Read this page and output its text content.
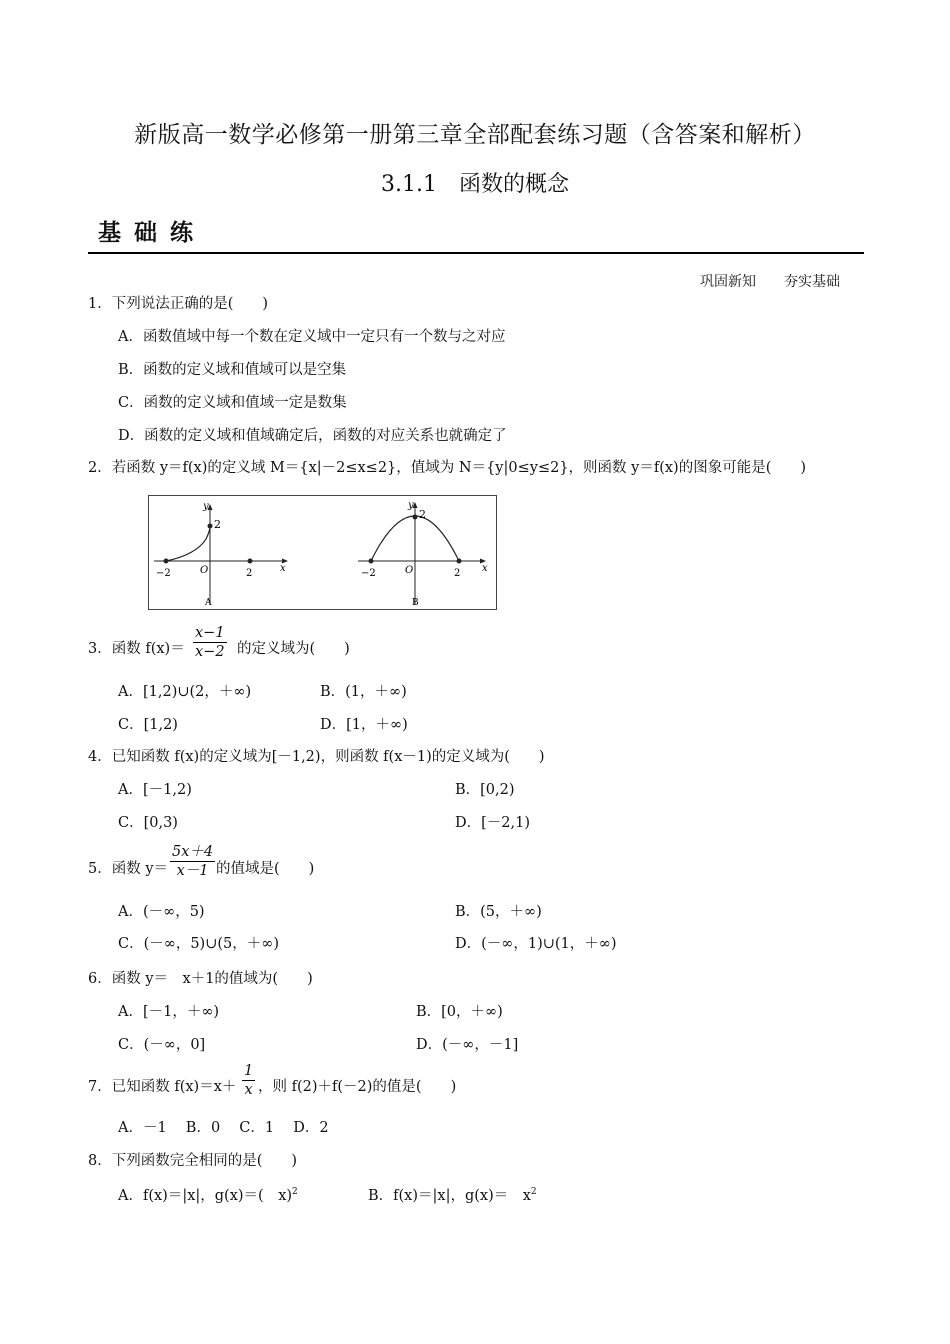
新版高一数学必修第一册第三章全部配套练习题（含答案和解析）
3.1.1　函数的概念
基础练
巩固新知 夯实基础
1．下列说法正确的是(　　)
A．函数值域中每一个数在定义域中一定只有一个数与之对应
B．函数的定义域和值域可以是空集
C．函数的定义域和值域一定是数集
D．函数的定义域和值域确定后，函数的对应关系也就确定了
2．若函数 y＝f(x)的定义域 M＝{x|－2≤x≤2}，值域为 N＝{y|0≤y≤2}，则函数 y＝f(x)的图象可能是(　　)
y
x
2
O
−2	2
A
y
x
2
O
−2	2
B
3．函数 $f(x)= \frac{x-1}{x-2}$ 的定义域为(　　)
A．[1,2)∪(2，＋∞)	B．(1，＋∞)
C．[1,2)	D．[1，＋∞)
4．已知函数 f(x)的定义域为[－1,2)，则函数 f(x－1)的定义域为(　　)
A．[－1,2)	B．[0,2)
C．[0,3)	D．[－2,1)
5．函数 $y= \frac{5x+4}{x-1}$ 的值域是(　　)
A．(－∞，5)	B．(5，＋∞)
C．(－∞，5)∪(5，＋∞)	D．(－∞，1)∪(1，＋∞)
6．函数 y＝　x＋1的值域为(　　)
A．[－1，＋∞)	B．[0，＋∞)
C．(－∞，0]	D．(－∞，－1]
7．已知函数 $f(x)=x+ \frac{1}{x}$ ，则 f(2)＋f(－2)的值是(　　)
A．－1　 B．0　 C．1　 D．2
8．下列函数完全相同的是(　　)
A．f(x)＝|x|，g(x)＝(　x)$^2$	B．f(x)＝|x|，g(x)＝　$x^2$
